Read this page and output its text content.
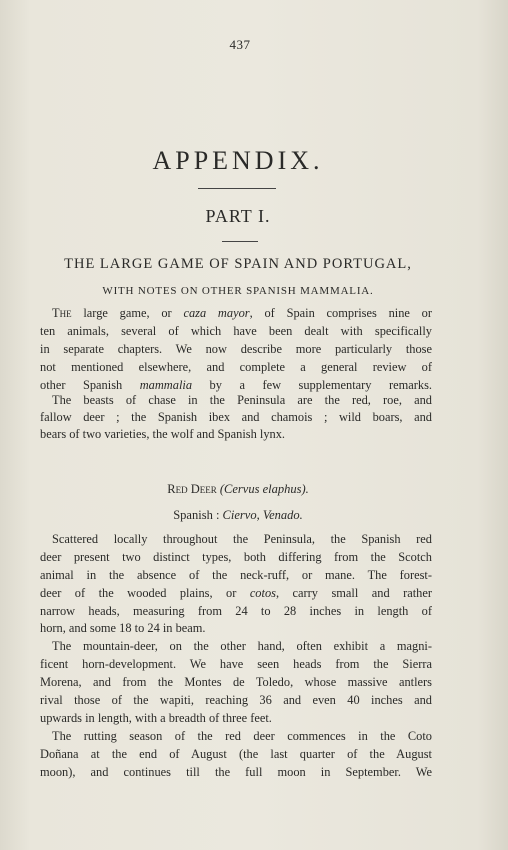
437
APPENDIX.
PART I.
THE LARGE GAME OF SPAIN AND PORTUGAL,
WITH NOTES ON OTHER SPANISH MAMMALIA.
The large game, or caza mayor, of Spain comprises nine or
ten animals, several of which have been dealt with specifically
in separate chapters. We now describe more particularly those
not mentioned elsewhere, and complete a general review of
other Spanish mammalia by a few supplementary remarks.
The beasts of chase in the Peninsula are the red, roe, and
fallow deer ; the Spanish ibex and chamois ; wild boars, and
bears of two varieties, the wolf and Spanish lynx.
Red Deer (Cervus elaphus).
Spanish : Ciervo, Venado.
Scattered locally throughout the Peninsula, the Spanish red
deer present two distinct types, both differing from the Scotch
animal in the absence of the neck-ruff, or mane. The forest-
deer of the wooded plains, or cotos, carry small and rather
narrow heads, measuring from 24 to 28 inches in length of
horn, and some 18 to 24 in beam.
The mountain-deer, on the other hand, often exhibit a magni-
ficent horn-development. We have seen heads from the Sierra
Morena, and from the Montes de Toledo, whose massive antlers
rival those of the wapiti, reaching 36 and even 40 inches and
upwards in length, with a breadth of three feet.
The rutting season of the red deer commences in the Coto
Doñana at the end of August (the last quarter of the August
moon), and continues till the full moon in September. We
